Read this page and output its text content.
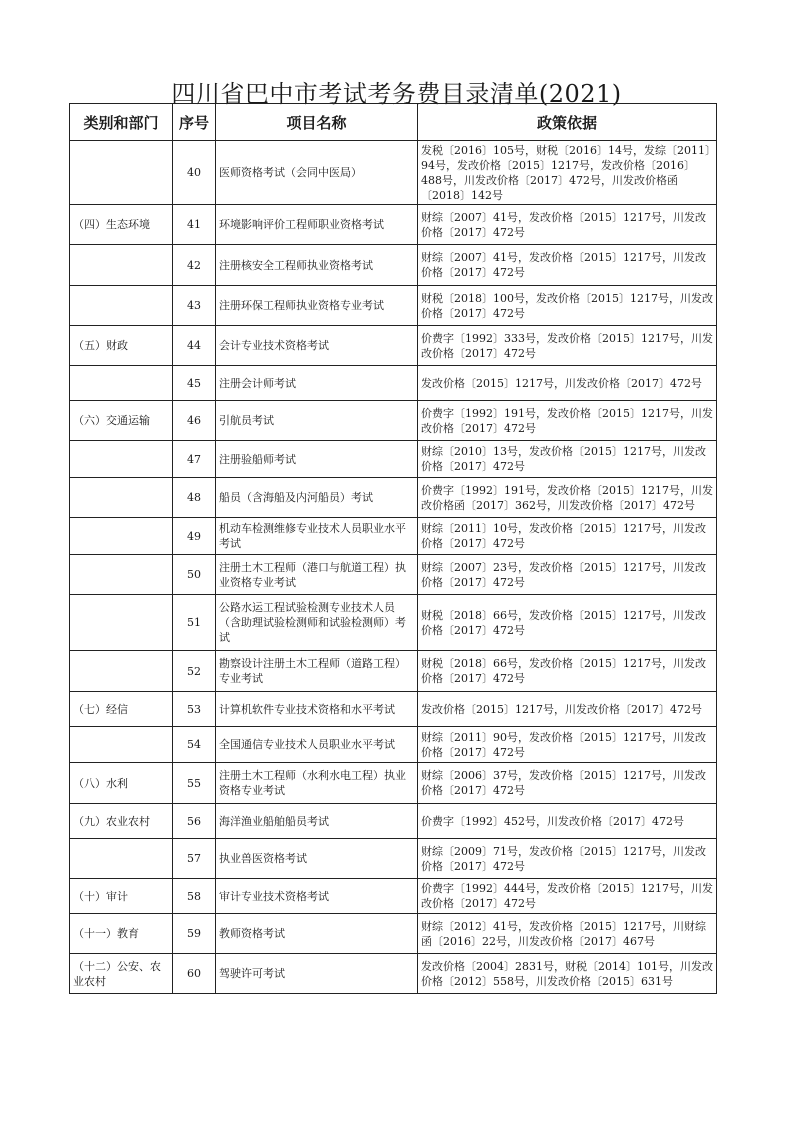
四川省巴中市考试考务费目录清单(2021)
类别和部门	序号	项目名称	政策依据
	40	医师资格考试（会同中医局）	发税〔2016〕105号，财税〔2016〕14号，发综〔2011〕94号，发改价格〔2015〕1217号，发改价格〔2016〕488号，川发改价格〔2017〕472号，川发改价格函〔2018〕142号
（四）生态环境	41	环境影响评价工程师职业资格考试	财综〔2007〕41号，发改价格〔2015〕1217号，川发改价格〔2017〕472号
	42	注册核安全工程师执业资格考试	财综〔2007〕41号，发改价格〔2015〕1217号，川发改价格〔2017〕472号
	43	注册环保工程师执业资格专业考试	财税〔2018〕100号，发改价格〔2015〕1217号，川发改价格〔2017〕472号
（五）财政	44	会计专业技术资格考试	价费字〔1992〕333号，发改价格〔2015〕1217号，川发改价格〔2017〕472号
	45	注册会计师考试	发改价格〔2015〕1217号，川发改价格〔2017〕472号
（六）交通运输	46	引航员考试	价费字〔1992〕191号，发改价格〔2015〕1217号，川发改价格〔2017〕472号
	47	注册验船师考试	财综〔2010〕13号，发改价格〔2015〕1217号，川发改价格〔2017〕472号
	48	船员（含海船及内河船员）考试	价费字〔1992〕191号，发改价格〔2015〕1217号，川发改价格函〔2017〕362号，川发改价格〔2017〕472号
	49	机动车检测维修专业技术人员职业水平考试	财综〔2011〕10号，发改价格〔2015〕1217号，川发改价格〔2017〕472号
	50	注册土木工程师（港口与航道工程）执业资格专业考试	财综〔2007〕23号，发改价格〔2015〕1217号，川发改价格〔2017〕472号
	51	公路水运工程试验检测专业技术人员（含助理试验检测师和试验检测师）考试	财税〔2018〕66号，发改价格〔2015〕1217号，川发改价格〔2017〕472号
	52	勘察设计注册土木工程师（道路工程）专业考试	财税〔2018〕66号，发改价格〔2015〕1217号，川发改价格〔2017〕472号
（七）经信	53	计算机软件专业技术资格和水平考试	发改价格〔2015〕1217号，川发改价格〔2017〕472号
	54	全国通信专业技术人员职业水平考试	财综〔2011〕90号，发改价格〔2015〕1217号，川发改价格〔2017〕472号
（八）水利	55	注册土木工程师（水利水电工程）执业资格专业考试	财综〔2006〕37号，发改价格〔2015〕1217号，川发改价格〔2017〕472号
（九）农业农村	56	海洋渔业船舶船员考试	价费字〔1992〕452号，川发改价格〔2017〕472号
	57	执业兽医资格考试	财综〔2009〕71号，发改价格〔2015〕1217号，川发改价格〔2017〕472号
（十）审计	58	审计专业技术资格考试	价费字〔1992〕444号，发改价格〔2015〕1217号，川发改价格〔2017〕472号
（十一）教育	59	教师资格考试	财综〔2012〕41号，发改价格〔2015〕1217号，川财综函〔2016〕22号，川发改价格〔2017〕467号
（十二）公安、农业农村	60	驾驶许可考试	发改价格〔2004〕2831号，财税〔2014〕101号，川发改价格〔2012〕558号，川发改价格〔2015〕631号
